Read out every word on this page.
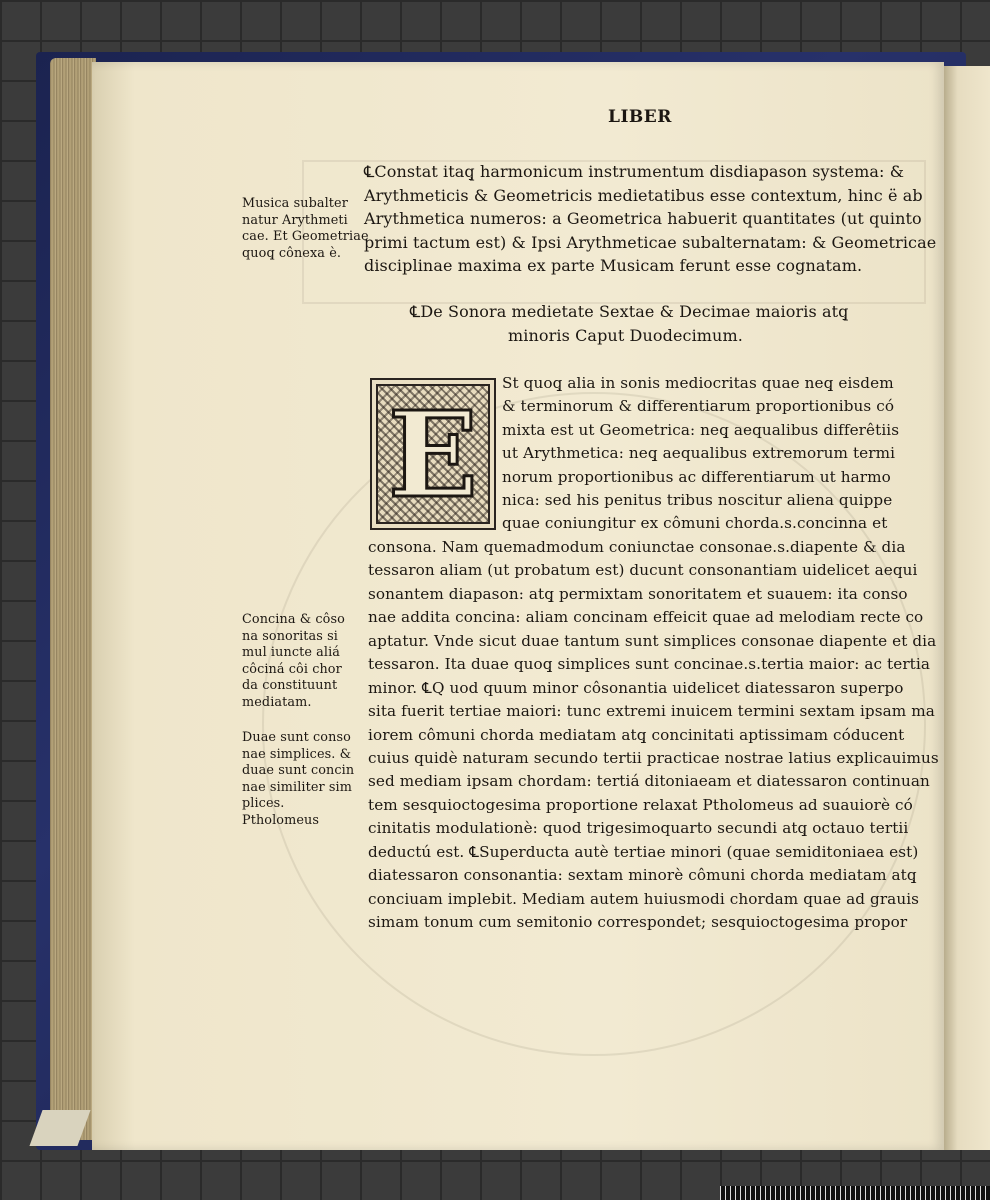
LIBER
℄Constat itaq̧ harmonicum instrumentum disdiapason systema: &
Arythmeticis & Geometricis medietatibus esse contextum, hinc ë ab
Arythmetica numeros: a Geometrica habuerit quantitates (ut quinto
primi tactum est) & Ipsi Arythmeticae subalternatam: & Geometricae
disciplinae maxima ex parte Musicam ferunt esse cognatam.
Musica subalter
natur Arythmeti
cae. Et Geometriae
quoq̧ cônexa è.
℄De Sonora medietate Sextae & Decimae maioris atq̧
minoris Caput Duodecimum.
E
St quoq̧ alia in sonis mediocritas quae neq̧ eisdem
& terminorum & differentiarum proportionibus có
mixta est ut Geometrica: neq̧ aequalibus differêtiis
ut Arythmetica: neq̧ aequalibus extremorum termi
norum proportionibus ac differentiarum ut harmo
nica: sed his penitus tribus noscitur aliena quippe
quae coniungitur ex cômuni chorda.s.concinna et
consona. Nam quemadmodum coniunctae consonae.s.diapente & dia
tessaron aliam (ut probatum est) ducunt consonantiam uidelicet aequi
sonantem diapason: atq̧ permixtam sonoritatem et suauem: ita conso
nae addita concina: aliam concinam effeicit quae ad melodiam recte co
aptatur. Vnde sicut duae tantum sunt simplices consonae diapente et dia
tessaron. Ita duae quoq̧ simplices sunt concinae.s.tertia maior: ac tertia
minor. ℄Q uod quum minor côsonantia uidelicet diatessaron superpo
sita fuerit tertiae maiori: tunc extremi inuicem termini sextam ipsam ma
iorem cômuni chorda mediatam atq̧ concinitati aptissimam códucent
cuius quidè naturam secundo tertii practicae nostrae latius explicauimus
sed mediam ipsam chordam: tertiá ditoniaeam et diatessaron continuan
tem sesquioctogesima proportione relaxat Ptholomeus ad suauiorè có
cinitatis modulationè: quod trigesimoquarto secundi atq̧ octauo tertii
deductú est. ℄Superducta autè tertiae minori (quae semiditoniaea est)
diatessaron consonantia: sextam minorè cômuni chorda mediatam atq̧
conciuam implebit. Mediam autem huiusmodi chordam quae ad grauis
simam tonum cum semitonio correspondet; sesquioctogesima propor
Concina & côso
na sonoritas si
mul iuncte aliá
côciná côi chor
da constituunt
mediatam.
Duae sunt conso
nae simplices. &
duae sunt concin
nae similiter sim
plices.
Ptholomeus
